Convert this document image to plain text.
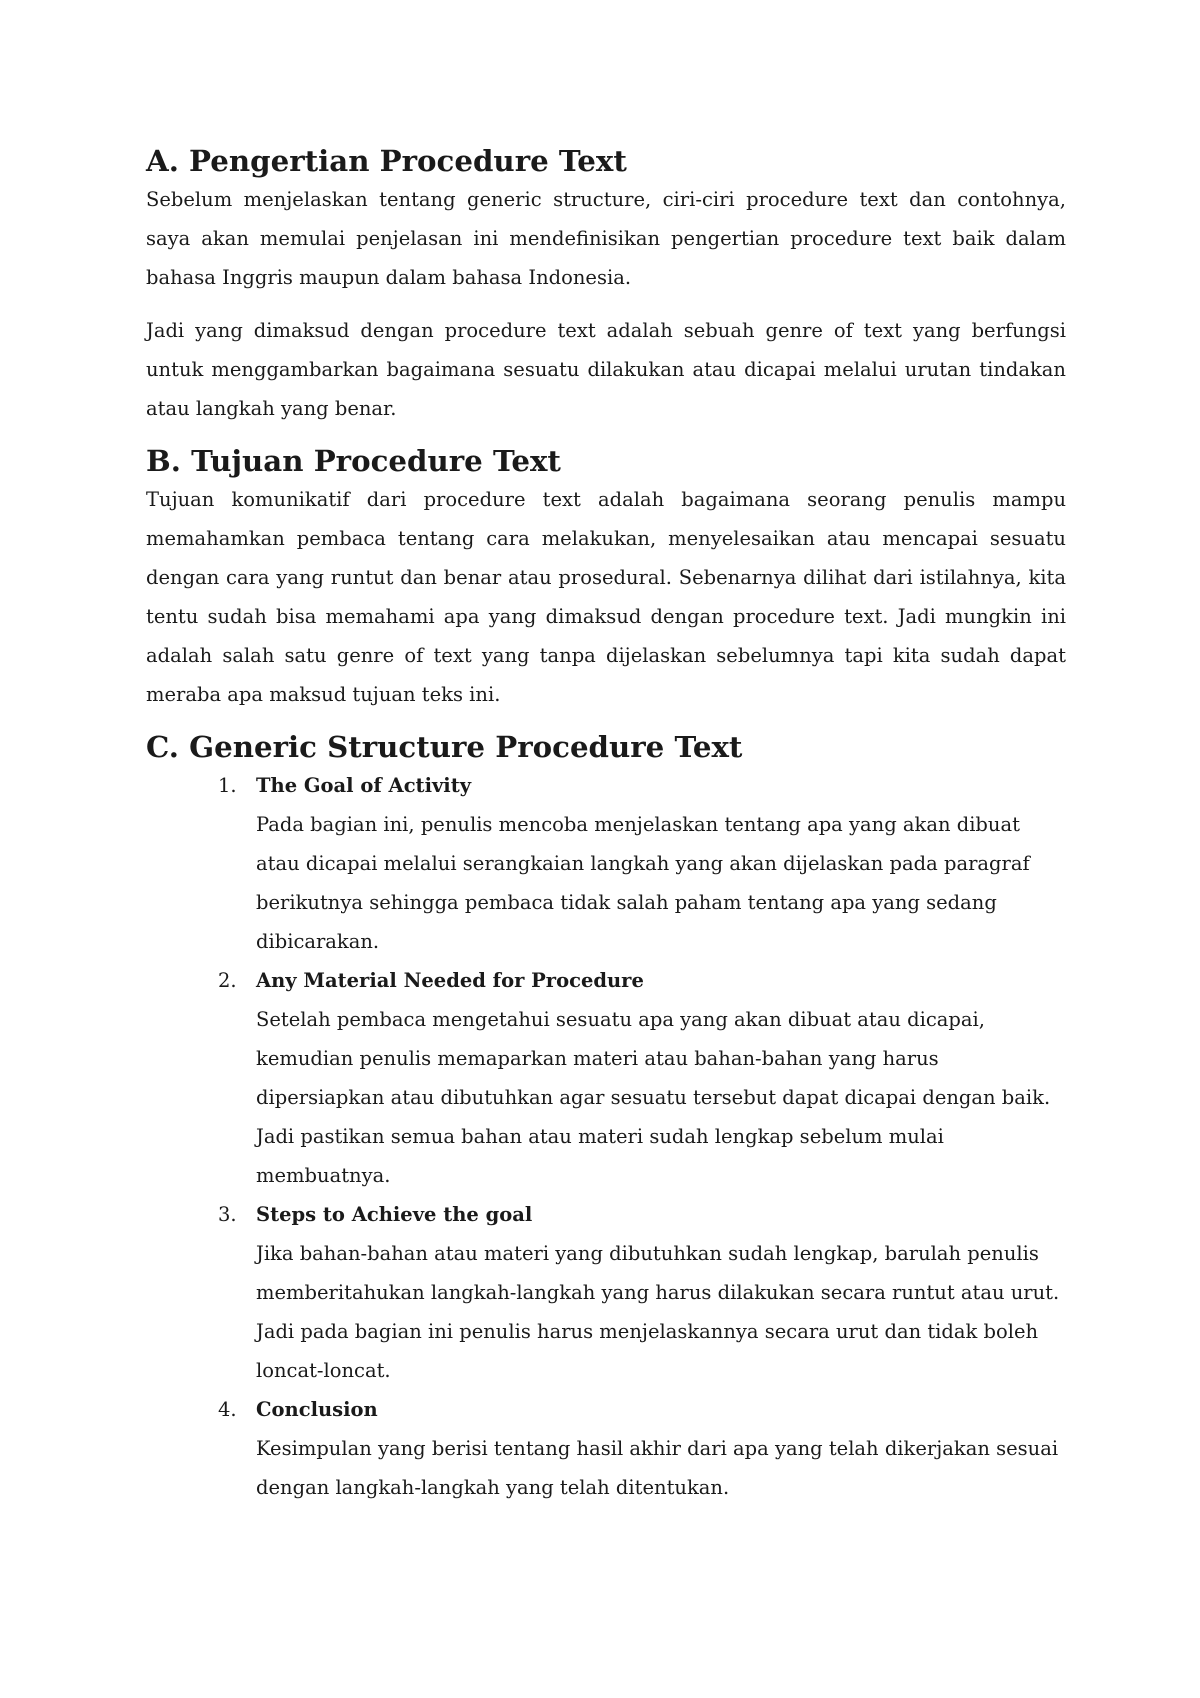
A. Pengertian Procedure Text

Sebelum menjelaskan tentang generic structure, ciri-ciri procedure text dan contohnya, saya akan memulai penjelasan ini mendefinisikan pengertian procedure text baik dalam bahasa Inggris maupun dalam bahasa Indonesia.

Jadi yang dimaksud dengan procedure text adalah sebuah genre of text yang berfungsi untuk menggambarkan bagaimana sesuatu dilakukan atau dicapai melalui urutan tindakan atau langkah yang benar.

B. Tujuan Procedure Text

Tujuan komunikatif dari procedure text adalah bagaimana seorang penulis mampu memahamkan pembaca tentang cara melakukan, menyelesaikan atau mencapai sesuatu dengan cara yang runtut dan benar atau prosedural. Sebenarnya dilihat dari istilahnya, kita tentu sudah bisa memahami apa yang dimaksud dengan procedure text. Jadi mungkin ini adalah salah satu genre of text yang tanpa dijelaskan sebelumnya tapi kita sudah dapat meraba apa maksud tujuan teks ini.

C. Generic Structure Procedure Text
1. The Goal of Activity
Pada bagian ini, penulis mencoba menjelaskan tentang apa yang akan dibuat atau dicapai melalui serangkaian langkah yang akan dijelaskan pada paragraf berikutnya sehingga pembaca tidak salah paham tentang apa yang sedang dibicarakan.
2. Any Material Needed for Procedure
Setelah pembaca mengetahui sesuatu apa yang akan dibuat atau dicapai, kemudian penulis memaparkan materi atau bahan-bahan yang harus dipersiapkan atau dibutuhkan agar sesuatu tersebut dapat dicapai dengan baik. Jadi pastikan semua bahan atau materi sudah lengkap sebelum mulai membuatnya.
3. Steps to Achieve the goal
Jika bahan-bahan atau materi yang dibutuhkan sudah lengkap, barulah penulis memberitahukan langkah-langkah yang harus dilakukan secara runtut atau urut. Jadi pada bagian ini penulis harus menjelaskannya secara urut dan tidak boleh loncat-loncat.
4. Conclusion
Kesimpulan yang berisi tentang hasil akhir dari apa yang telah dikerjakan sesuai dengan langkah-langkah yang telah ditentukan.
